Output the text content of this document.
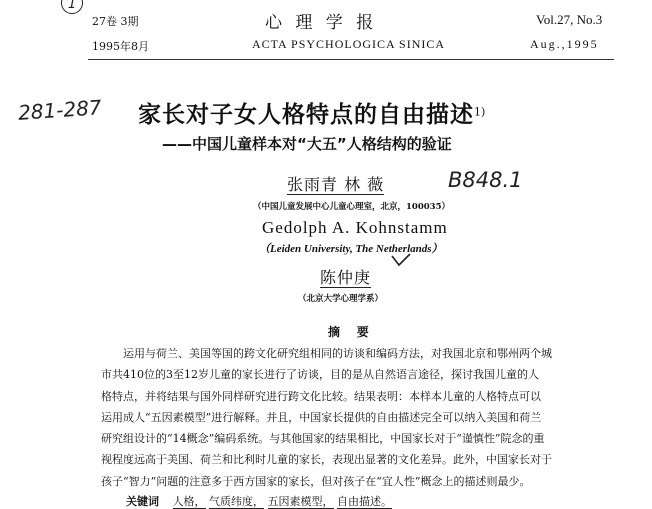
1
27卷 3期
1995年8月
心 理 学 报
ACTA PSYCHOLOGICA SINICA
Vol.27, No.3
Aug.,1995
281-287 家长对子女人格特点的自由描述$^{1)}$
——中国儿童样本对“大五”人格结构的验证
张雨青 林 薇	B848.1
（中国儿童发展中心儿童心理室，北京，100035）
Gedolph A. Kohnstamm
（Leiden University, The Netherlands）
陈仲庚
（北京大学心理学系）
摘    要
运用与荷兰、美国等国的跨文化研究组相同的访谈和编码方法，对我国北京和鄂州两个城
市共410位的3至12岁儿童的家长进行了访谈，目的是从自然语言途径，探讨我国儿童的人
格特点，并将结果与国外同样研究进行跨文化比较。结果表明：本样本儿童的人格特点可以
运用成人“五因素模型”进行解释。并且，中国家长提供的自由描述完全可以纳入美国和荷兰
研究组设计的“14概念”编码系统。与其他国家的结果相比，中国家长对于“谨慎性”院念的重
视程度远高于美国、荷兰和比利时儿童的家长，表现出显著的文化差异。此外，中国家长对于
孩子“智力”问题的注意多于西方国家的家长，但对孩子在“宜人性”概念上的描述则最少。
关键词 人格， 气质纬度， 五因素模型， 自由描述。
